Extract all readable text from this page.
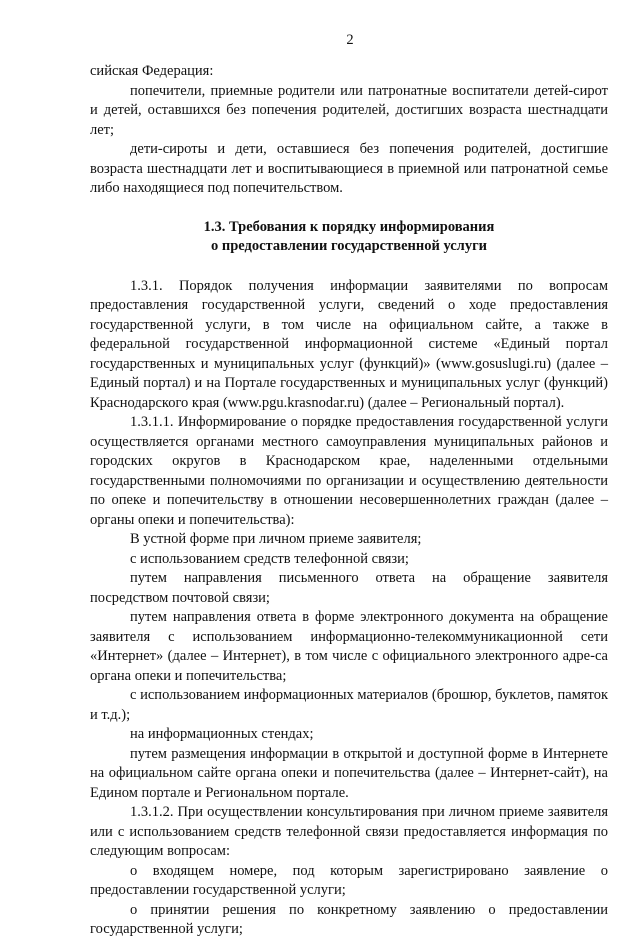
2

сийская Федерация:

попечители, приемные родители или патронатные воспитатели детей-сирот и детей, оставшихся без попечения родителей, достигших возраста шестнадцати лет;

дети-сироты и дети, оставшиеся без попечения родителей, достигшие возраста шестнадцати лет и воспитывающиеся в приемной или патронатной семье либо находящиеся под попечительством.

1.3. Требования к порядку информирования

о предоставлении государственной услуги

1.3.1. Порядок получения информации заявителями по вопросам предоставления государственной услуги, сведений о ходе предоставления государственной услуги, в том числе на официальном сайте, а также в федеральной государственной информационной системе «Единый портал государственных и муниципальных услуг (функций)» (www.gosuslugi.ru) (далее – Единый портал) и на Портале государственных и муниципальных услуг (функций) Краснодарского края (www.pgu.krasnodar.ru) (далее – Региональный портал).

1.3.1.1. Информирование о порядке предоставления государственной услуги осуществляется органами местного самоуправления муниципальных районов и городских округов в Краснодарском крае, наделенными отдельными государственными полномочиями по организации и осуществлению деятельности по опеке и попечительству в отношении несовершеннолетних граждан (далее – органы опеки и попечительства):

В устной форме при личном приеме заявителя;

с использованием средств телефонной связи;

путем направления письменного ответа на обращение заявителя посредством почтовой связи;

путем направления ответа в форме электронного документа на обращение заявителя с использованием информационно-телекоммуникационной сети «Интернет» (далее – Интернет), в том числе с официального электронного адре-са органа опеки и попечительства;

с использованием информационных материалов (брошюр, буклетов, памяток и т.д.);

на информационных стендах;

путем размещения информации в открытой и доступной форме в Интернете на официальном сайте органа опеки и попечительства (далее – Интернет-сайт), на Едином портале и Региональном портале.

1.3.1.2. При осуществлении консультирования при личном приеме заявителя или с использованием средств телефонной связи предоставляется информация по следующим вопросам:

о входящем номере, под которым зарегистрировано заявление о предоставлении государственной услуги;

о принятии решения по конкретному заявлению о предоставлении государственной услуги;
